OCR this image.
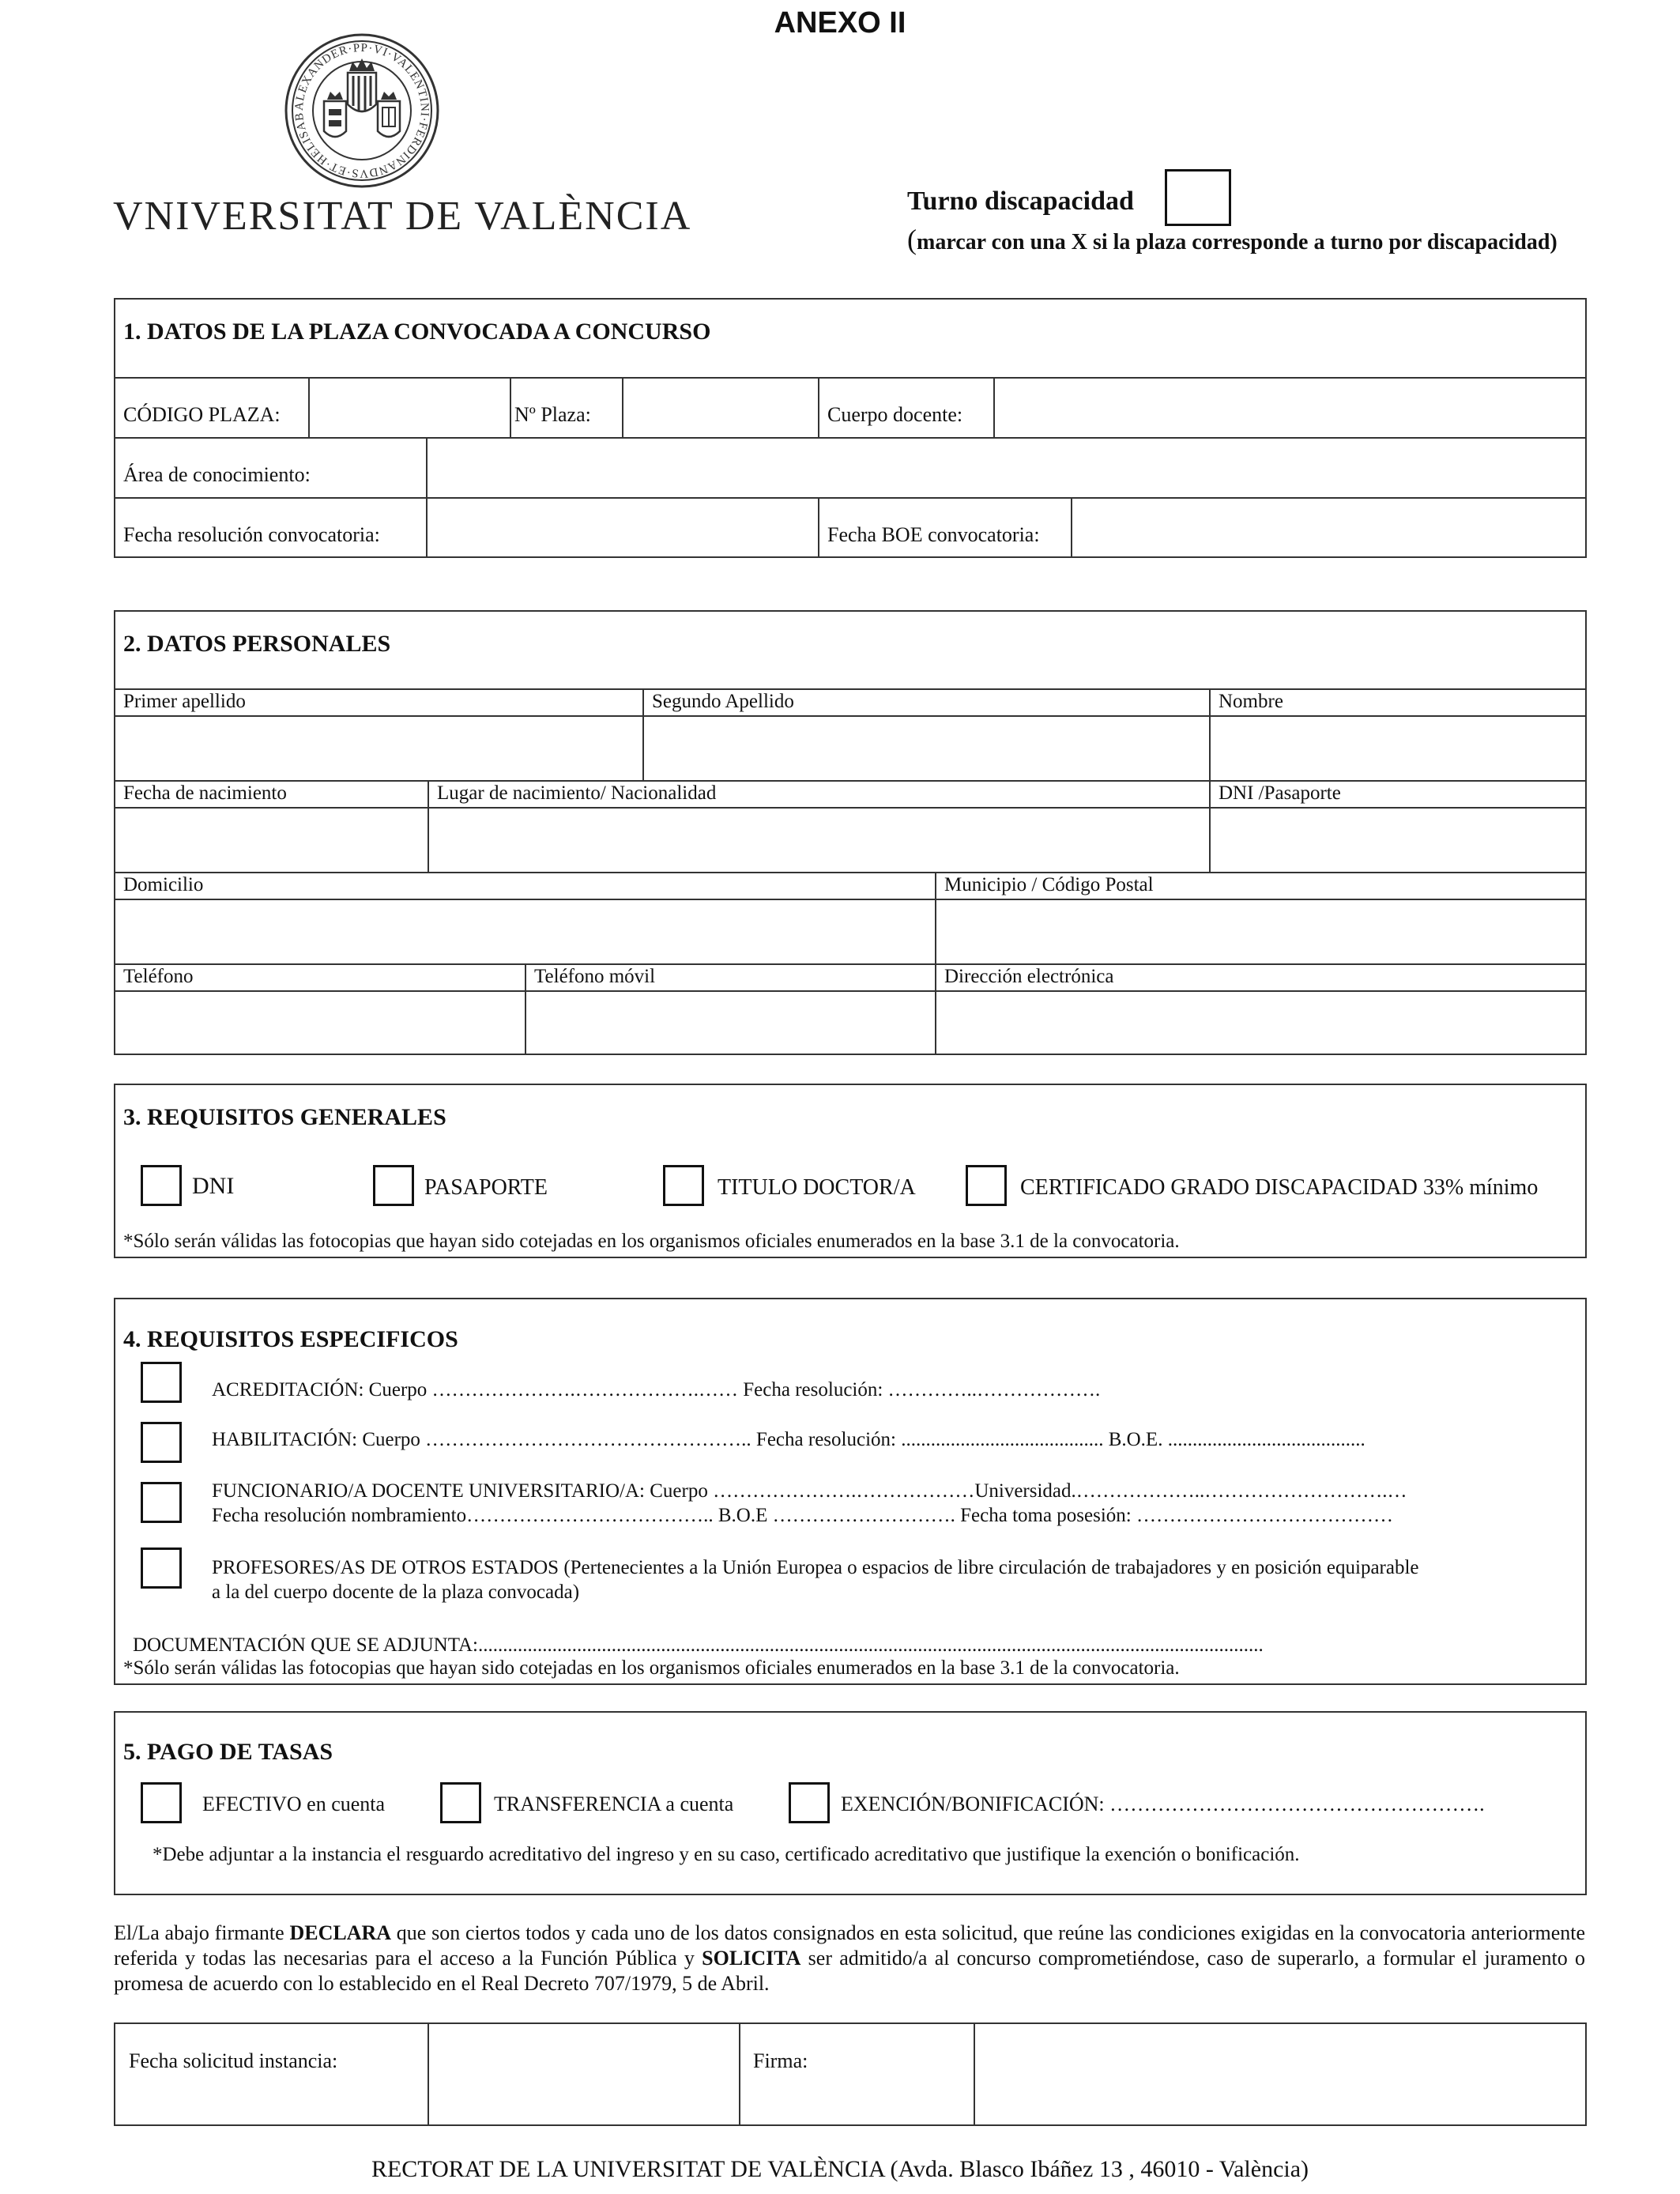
ANEXO II
ALEXANDER·PP·VI·VALENTINI·FERDINANDVS·ET·HELISAB
VNIVERSITAT DE VALÈNCIA	Turno discapacidad
(marcar con una X si la plaza corresponde a turno por discapacidad)
1. DATOS DE LA PLAZA CONVOCADA A CONCURSO
CÓDIGO PLAZA:	Nº Plaza:	Cuerpo docente:
Área de conocimiento:
Fecha resolución convocatoria:	Fecha BOE convocatoria:
2. DATOS PERSONALES
Primer apellido	Segundo Apellido	Nombre
Fecha de nacimiento	Lugar de nacimiento/ Nacionalidad	DNI /Pasaporte
Domicilio	Municipio / Código Postal
Teléfono	Teléfono móvil	Dirección electrónica
3. REQUISITOS GENERALES
DNI	PASAPORTE	TITULO DOCTOR/A	CERTIFICADO GRADO DISCAPACIDAD 33% mínimo
*Sólo serán válidas las fotocopias que hayan sido cotejadas en los organismos oficiales enumerados en la base 3.1 de la convocatoria.
4. REQUISITOS ESPECIFICOS
ACREDITACIÓN: Cuerpo ………………….……………….…… Fecha resolución: …………..……………….
HABILITACIÓN: Cuerpo ………………………………………….. Fecha resolución: ......................................... B.O.E. ........................................
FUNCIONARIO/A DOCENTE UNIVERSITARIO/A: Cuerpo ………………….………………Universidad.………………..……………………….…
Fecha resolución nombramiento……………………………….. B.O.E ………………………. Fecha toma posesión: …………………………………
PROFESORES/AS DE OTROS ESTADOS (Pertenecientes a la Unión Europea o espacios de libre circulación de trabajadores y en posición equiparable
a la del cuerpo docente de la plaza convocada)
DOCUMENTACIÓN QUE SE ADJUNTA:...............................................................................................................................................................
*Sólo serán válidas las fotocopias que hayan sido cotejadas en los organismos oficiales enumerados en la base 3.1 de la convocatoria.
5. PAGO DE TASAS
EFECTIVO en cuenta	TRANSFERENCIA a cuenta	EXENCIÓN/BONIFICACIÓN: ……………………………………………….
*Debe adjuntar a la instancia el resguardo acreditativo del ingreso y en su caso, certificado acreditativo que justifique la exención o bonificación.
El/La abajo firmante DECLARA que son ciertos todos y cada uno de los datos consignados en esta solicitud, que reúne las condiciones exigidas en la convocatoria anteriormente referida y todas las necesarias para el acceso a la Función Pública y SOLICITA ser admitido/a al concurso comprometiéndose, caso de superarlo, a formular el juramento o promesa de acuerdo con lo establecido en el Real Decreto 707/1979, 5 de Abril.
Fecha solicitud instancia:	Firma:
RECTORAT DE LA UNIVERSITAT DE VALÈNCIA (Avda. Blasco Ibáñez 13 , 46010 - València)
